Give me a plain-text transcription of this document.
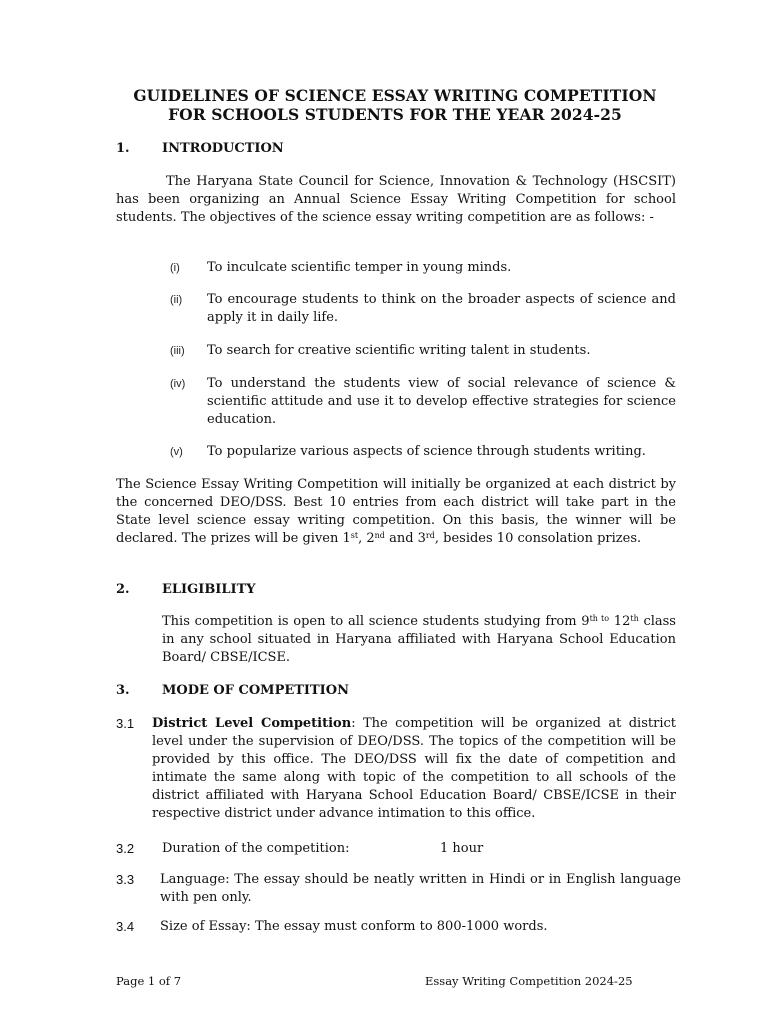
GUIDELINES OF SCIENCE ESSAY WRITING COMPETITION
FOR SCHOOLS STUDENTS FOR THE YEAR 2024-25
1. INTRODUCTION
The Haryana State Council for Science, Innovation & Technology (HSCSIT) has been organizing an Annual Science Essay Writing Competition for school students. The objectives of the science essay writing competition are as follows: -
(i) To inculcate scientific temper in young minds.
(ii) To encourage students to think on the broader aspects of science and apply it in daily life.
(iii) To search for creative scientific writing talent in students.
(iv) To understand the students view of social relevance of science & scientific attitude and use it to develop effective strategies for science education.
(v) To popularize various aspects of science through students writing.
The Science Essay Writing Competition will initially be organized at each district by the concerned DEO/DSS. Best 10 entries from each district will take part in the State level science essay writing competition. On this basis, the winner will be declared. The prizes will be given 1st, 2nd and 3rd, besides 10 consolation prizes.
2. ELIGIBILITY
This competition is open to all science students studying from $9^{th to}$ 12th class in any school situated in Haryana affiliated with Haryana School Education Board/ CBSE/ICSE.
3. MODE OF COMPETITION
3.1 District Level Competition: The competition will be organized at district level under the supervision of DEO/DSS. The topics of the competition will be provided by this office. The DEO/DSS will fix the date of competition and intimate the same along with topic of the competition to all schools of the district affiliated with Haryana School Education Board/ CBSE/ICSE in their respective district under advance intimation to this office.
3.2 Duration of the competition:	1 hour
3.3 Language: The essay should be neatly written in Hindi or in English language with pen only.
3.4 Size of Essay: The essay must conform to 800-1000 words.
Page 1 of 7	Essay Writing Competition 2024-25
